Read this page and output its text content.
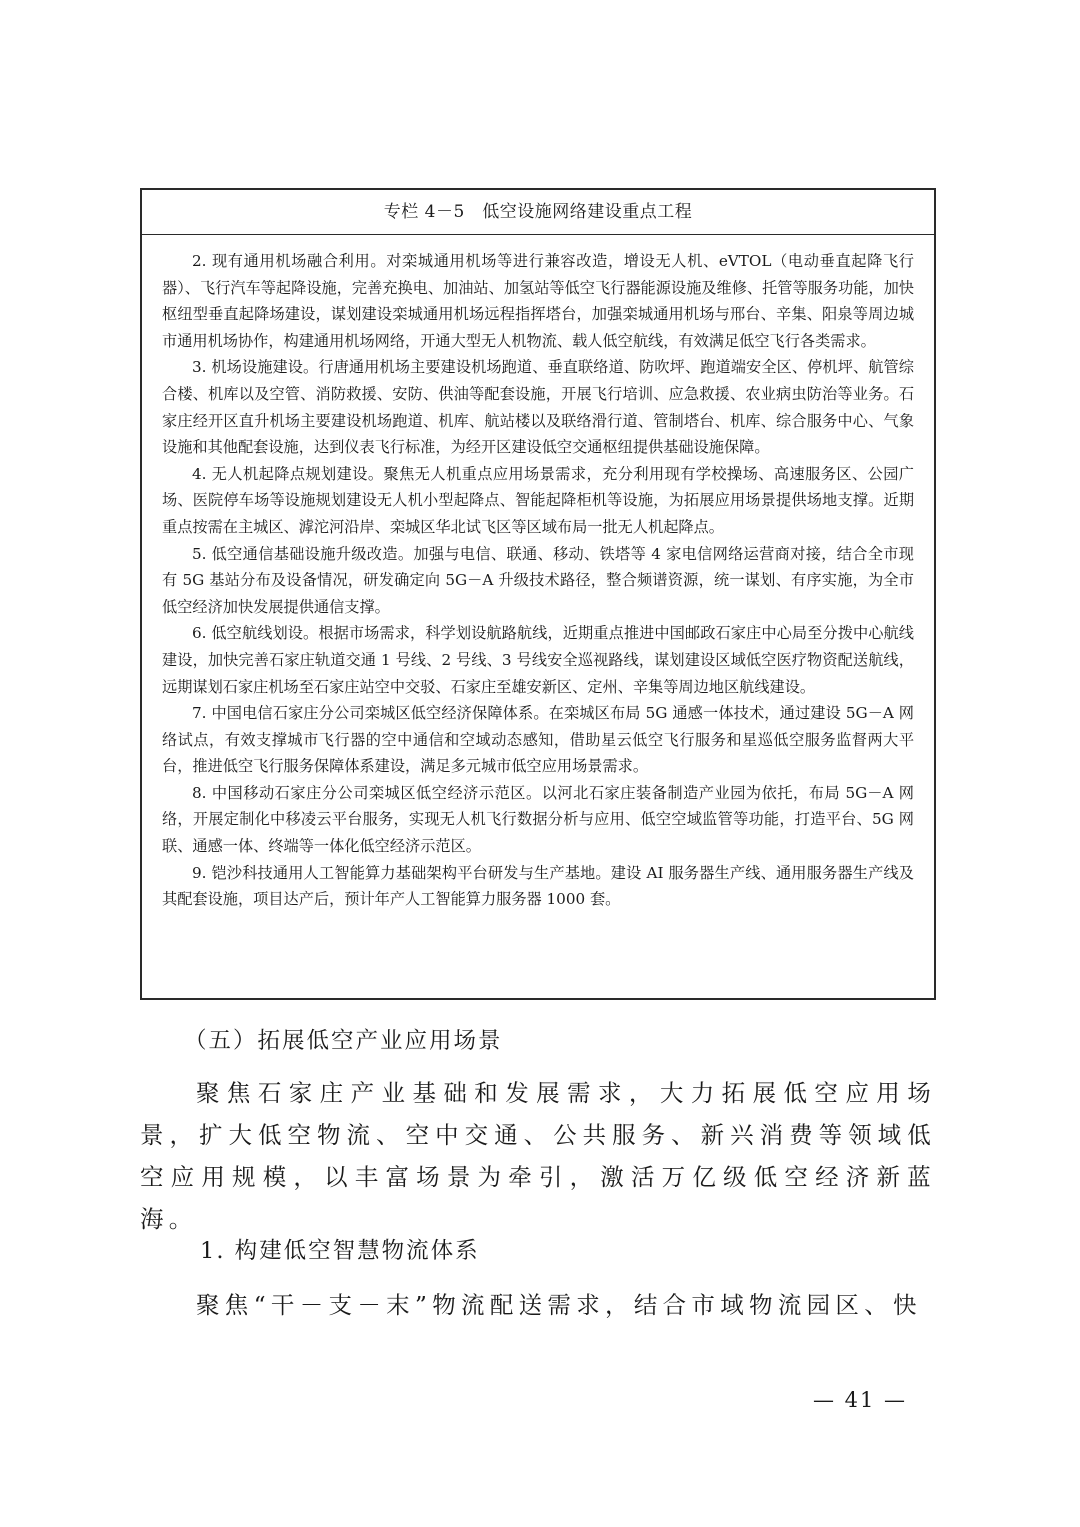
专栏 4－5　低空设施网络建设重点工程

2. 现有通用机场融合利用。对栾城通用机场等进行兼容改造，增设无人机、eVTOL（电动垂直起降飞行器）、飞行汽车等起降设施，完善充换电、加油站、加氢站等低空飞行器能源设施及维修、托管等服务功能，加快枢纽型垂直起降场建设，谋划建设栾城通用机场远程指挥塔台，加强栾城通用机场与邢台、辛集、阳泉等周边城市通用机场协作，构建通用机场网络，开通大型无人机物流、载人低空航线，有效满足低空飞行各类需求。

3. 机场设施建设。行唐通用机场主要建设机场跑道、垂直联络道、防吹坪、跑道端安全区、停机坪、航管综合楼、机库以及空管、消防救援、安防、供油等配套设施，开展飞行培训、应急救援、农业病虫防治等业务。石家庄经开区直升机场主要建设机场跑道、机库、航站楼以及联络滑行道、管制塔台、机库、综合服务中心、气象设施和其他配套设施，达到仪表飞行标准，为经开区建设低空交通枢纽提供基础设施保障。

4. 无人机起降点规划建设。聚焦无人机重点应用场景需求，充分利用现有学校操场、高速服务区、公园广场、医院停车场等设施规划建设无人机小型起降点、智能起降柜机等设施，为拓展应用场景提供场地支撑。近期重点按需在主城区、滹沱河沿岸、栾城区华北试飞区等区域布局一批无人机起降点。

5. 低空通信基础设施升级改造。加强与电信、联通、移动、铁塔等 4 家电信网络运营商对接，结合全市现有 5G 基站分布及设备情况，研发确定向 5G－A 升级技术路径，整合频谱资源，统一谋划、有序实施，为全市低空经济加快发展提供通信支撑。

6. 低空航线划设。根据市场需求，科学划设航路航线，近期重点推进中国邮政石家庄中心局至分拨中心航线建设，加快完善石家庄轨道交通 1 号线、2 号线、3 号线安全巡视路线，谋划建设区域低空医疗物资配送航线，远期谋划石家庄机场至石家庄站空中交驳、石家庄至雄安新区、定州、辛集等周边地区航线建设。

7. 中国电信石家庄分公司栾城区低空经济保障体系。在栾城区布局 5G 通感一体技术，通过建设 5G－A 网络试点，有效支撑城市飞行器的空中通信和空域动态感知，借助星云低空飞行服务和星巡低空服务监督两大平台，推进低空飞行服务保障体系建设，满足多元城市低空应用场景需求。

8. 中国移动石家庄分公司栾城区低空经济示范区。以河北石家庄装备制造产业园为依托，布局 5G－A 网络，开展定制化中移凌云平台服务，实现无人机飞行数据分析与应用、低空空域监管等功能，打造平台、5G 网联、通感一体、终端等一体化低空经济示范区。

9. 铠沙科技通用人工智能算力基础架构平台研发与生产基地。建设 AI 服务器生产线、通用服务器生产线及其配套设施，项目达产后，预计年产人工智能算力服务器 1000 套。

（五）拓展低空产业应用场景
聚焦石家庄产业基础和发展需求，大力拓展低空应用场景，扩大低空物流、空中交通、公共服务、新兴消费等领域低空应用规模，以丰富场景为牵引，激活万亿级低空经济新蓝海。
1. 构建低空智慧物流体系
聚焦“干－支－末”物流配送需求，结合市域物流园区、快
— 41 —
